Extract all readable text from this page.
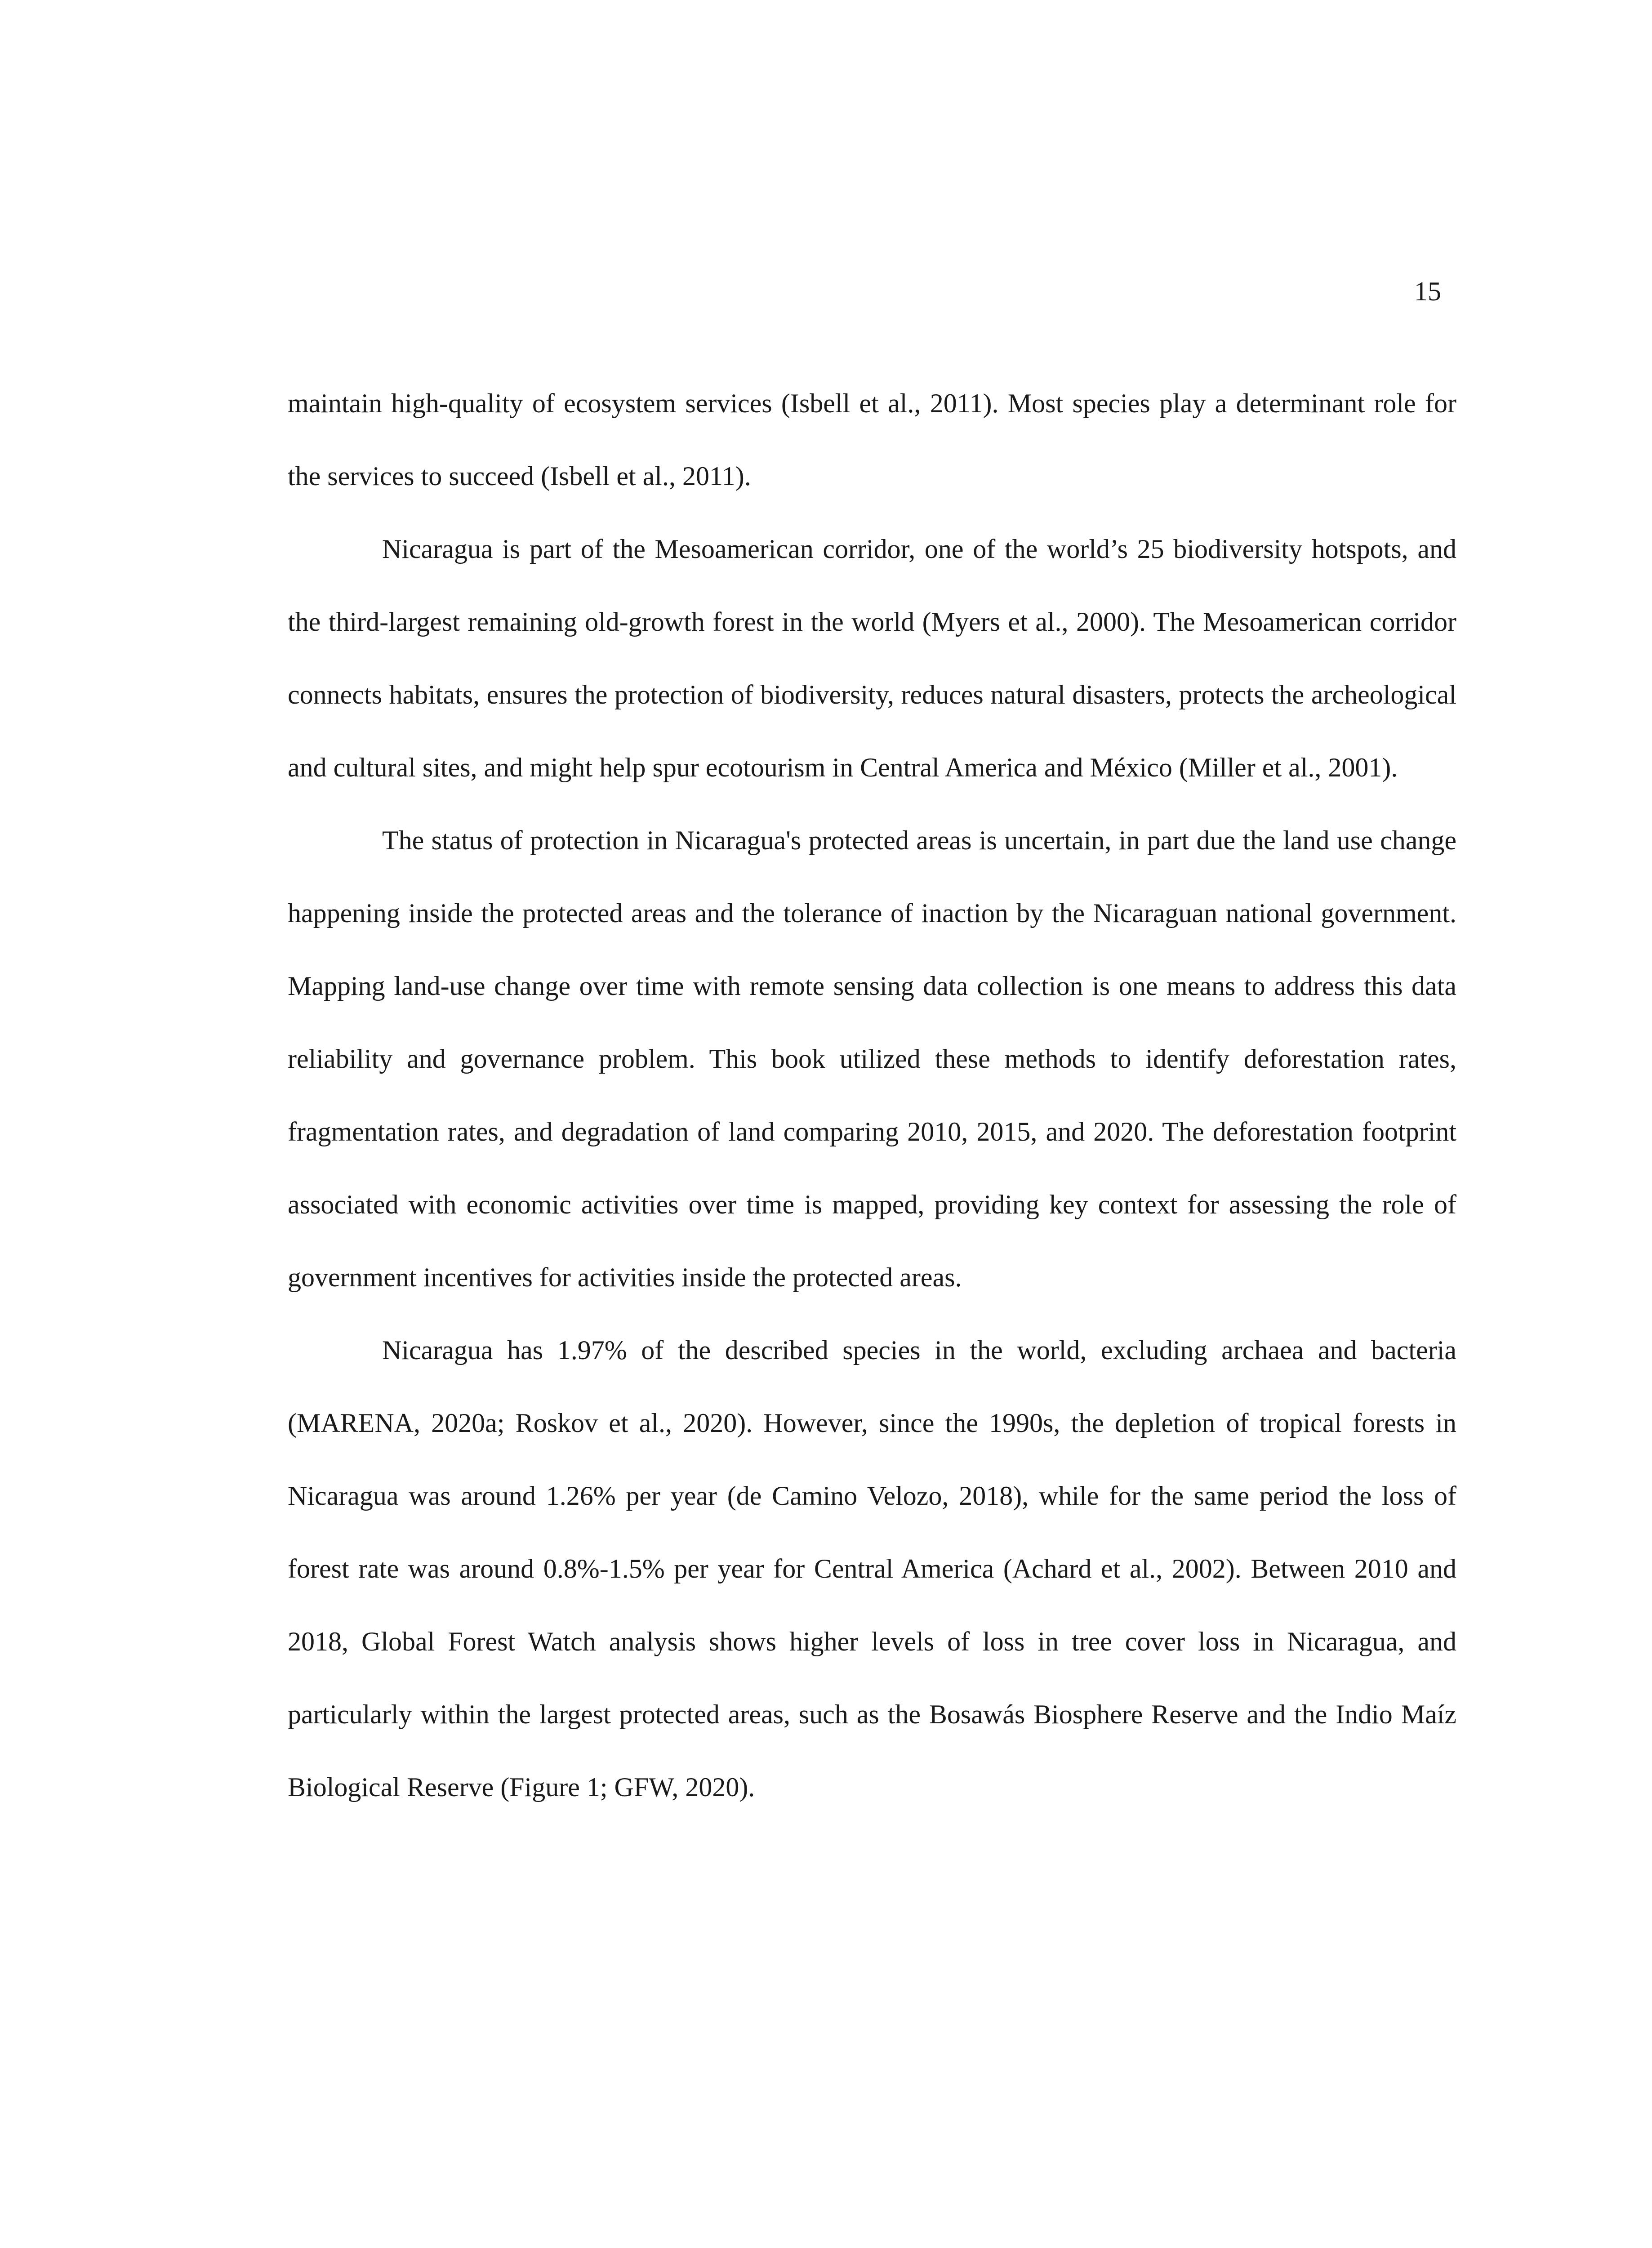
15

maintain high-quality of ecosystem services (Isbell et al., 2011). Most species play a determinant role for the services to succeed (Isbell et al., 2011).

Nicaragua is part of the Mesoamerican corridor, one of the world’s 25 biodiversity hotspots, and the third-largest remaining old-growth forest in the world (Myers et al., 2000). The Mesoamerican corridor connects habitats, ensures the protection of biodiversity, reduces natural disasters, protects the archeological and cultural sites, and might help spur ecotourism in Central America and México (Miller et al., 2001).

The status of protection in Nicaragua's protected areas is uncertain, in part due the land use change happening inside the protected areas and the tolerance of inaction by the Nicaraguan national government. Mapping land-use change over time with remote sensing data collection is one means to address this data reliability and governance problem. This book utilized these methods to identify deforestation rates, fragmentation rates, and degradation of land comparing 2010, 2015, and 2020. The deforestation footprint associated with economic activities over time is mapped, providing key context for assessing the role of government incentives for activities inside the protected areas.

Nicaragua has 1.97% of the described species in the world, excluding archaea and bacteria (MARENA, 2020a; Roskov et al., 2020). However, since the 1990s, the depletion of tropical forests in Nicaragua was around 1.26% per year (de Camino Velozo, 2018), while for the same period the loss of forest rate was around 0.8%-1.5% per year for Central America (Achard et al., 2002). Between 2010 and 2018, Global Forest Watch analysis shows higher levels of loss in tree cover loss in Nicaragua, and particularly within the largest protected areas, such as the Bosawás Biosphere Reserve and the Indio Maíz Biological Reserve (Figure 1; GFW, 2020).
